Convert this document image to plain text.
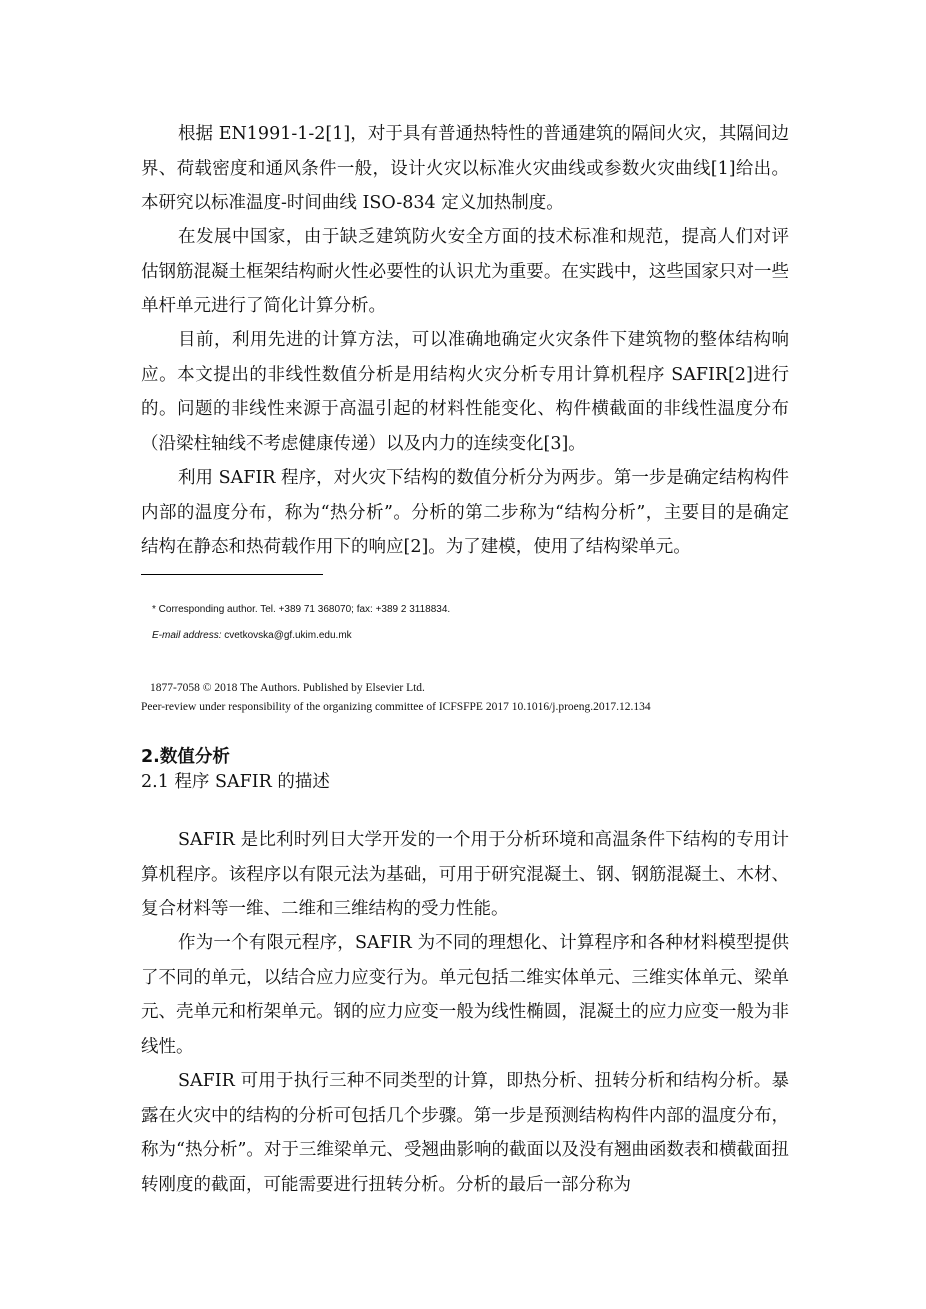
根据 EN1991-1-2[1]，对于具有普通热特性的普通建筑的隔间火灾，其隔间边界、荷载密度和通风条件一般，设计火灾以标准火灾曲线或参数火灾曲线[1]给出。本研究以标准温度-时间曲线 ISO-834 定义加热制度。

在发展中国家，由于缺乏建筑防火安全方面的技术标准和规范，提高人们对评估钢筋混凝土框架结构耐火性必要性的认识尤为重要。在实践中，这些国家只对一些单杆单元进行了简化计算分析。

目前，利用先进的计算方法，可以准确地确定火灾条件下建筑物的整体结构响应。本文提出的非线性数值分析是用结构火灾分析专用计算机程序 SAFIR[2]进行的。问题的非线性来源于高温引起的材料性能变化、构件横截面的非线性温度分布（沿梁柱轴线不考虑健康传递）以及内力的连续变化[3]。

利用 SAFIR 程序，对火灾下结构的数值分析分为两步。第一步是确定结构构件内部的温度分布，称为“热分析”。分析的第二步称为“结构分析”，主要目的是确定结构在静态和热荷载作用下的响应[2]。为了建模，使用了结构梁单元。

* Corresponding author. Tel. +389 71 368070; fax: +389 2 3118834.

E-mail address: cvetkovska@gf.ukim.edu.mk

1877-7058 © 2018 The Authors. Published by Elsevier Ltd.

Peer-review under responsibility of the organizing committee of ICFSFPE 2017 10.1016/j.proeng.2017.12.134

2.数值分析
2.1 程序 SAFIR 的描述

SAFIR 是比利时列日大学开发的一个用于分析环境和高温条件下结构的专用计算机程序。该程序以有限元法为基础，可用于研究混凝土、钢、钢筋混凝土、木材、复合材料等一维、二维和三维结构的受力性能。

作为一个有限元程序，SAFIR 为不同的理想化、计算程序和各种材料模型提供了不同的单元，以结合应力应变行为。单元包括二维实体单元、三维实体单元、梁单元、壳单元和桁架单元。钢的应力应变一般为线性椭圆，混凝土的应力应变一般为非线性。

SAFIR 可用于执行三种不同类型的计算，即热分析、扭转分析和结构分析。暴露在火灾中的结构的分析可包括几个步骤。第一步是预测结构构件内部的温度分布，称为“热分析”。对于三维梁单元、受翘曲影响的截面以及没有翘曲函数表和横截面扭转刚度的截面，可能需要进行扭转分析。分析的最后一部分称为
